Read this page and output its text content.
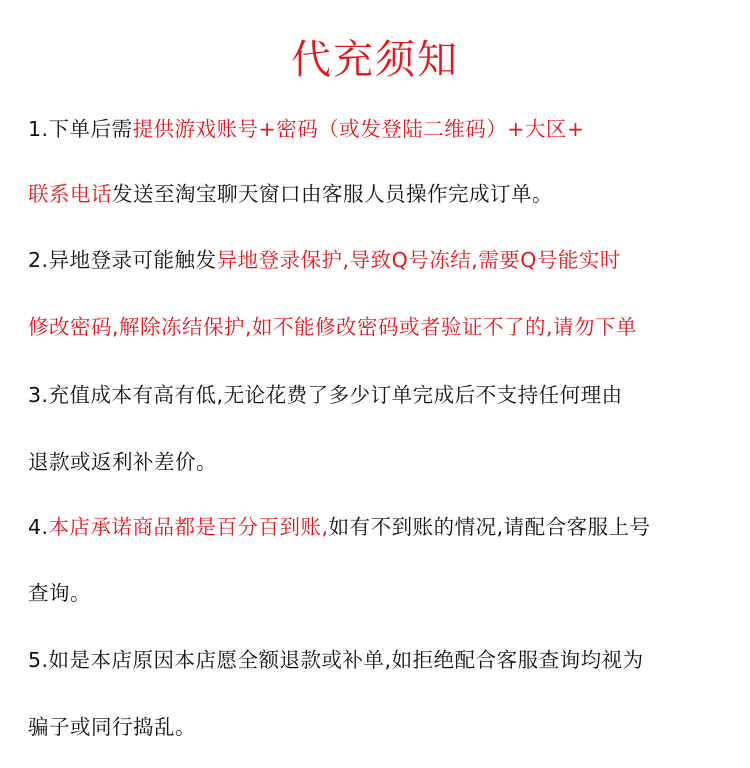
代充须知
1.下单后需提供游戏账号+密码（或发登陆二维码）+大区+
联系电话发送至淘宝聊天窗口由客服人员操作完成订单。
2.异地登录可能触发异地登录保护,导致Q号冻结,需要Q号能实时
修改密码,解除冻结保护,如不能修改密码或者验证不了的,请勿下单
3.充值成本有高有低,无论花费了多少订单完成后不支持任何理由
退款或返利补差价。
4.本店承诺商品都是百分百到账,如有不到账的情况,请配合客服上号
查询。
5.如是本店原因本店愿全额退款或补单,如拒绝配合客服查询均视为
骗子或同行捣乱。
